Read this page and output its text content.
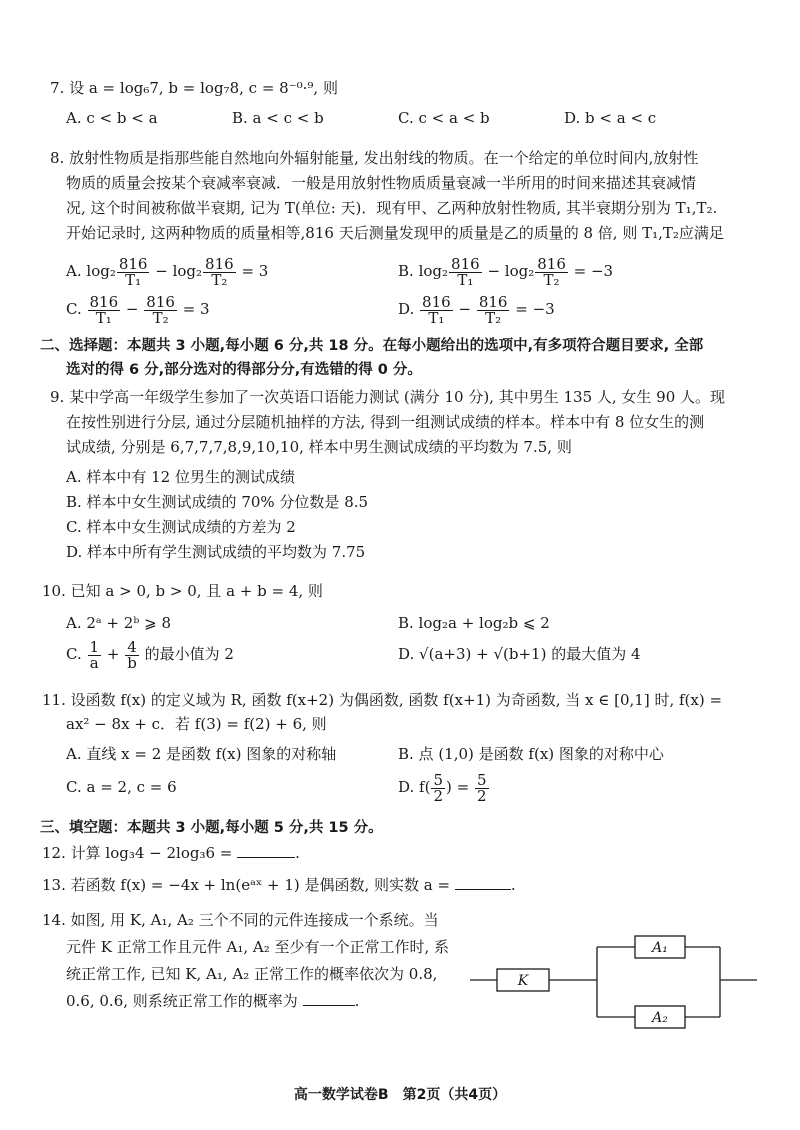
7. 设 a = log₆7, b = log₇8, c = 8⁻⁰·⁹, 则
A. c < b < a	B. a < c < b	C. c < a < b	D. b < a < c
8. 放射性物质是指那些能自然地向外辐射能量, 发出射线的物质。在一个给定的单位时间内,放射性
物质的质量会按某个衰减率衰减．一般是用放射性物质质量衰减一半所用的时间来描述其衰减情
况, 这个时间被称做半衰期, 记为 T(单位: 天)．现有甲、乙两种放射性物质, 其半衰期分别为 T₁,T₂.
开始记录时, 这两种物质的质量相等,816 天后测量发现甲的质量是乙的质量的 8 倍, 则 T₁,T₂应满足
A. $\log_2 \frac{816}{\text{T₁}} - \log_2 \frac{816}{\text{T₂}} = 3$	B. $\log_2 \frac{816}{\text{T₁}} - \log_2 \frac{816}{\text{T₂}} = -3$
C. $\frac{816}{\text{T₁}} - \frac{816}{\text{T₂}} = 3$	D. $\frac{816}{\text{T₁}} - \frac{816}{\text{T₂}} = -3$
二、选择题：本题共 3 小题,每小题 6 分,共 18 分。在每小题给出的选项中,有多项符合题目要求, 全部
选对的得 6 分,部分选对的得部分分,有选错的得 0 分。
9. 某中学高一年级学生参加了一次英语口语能力测试 (满分 10 分), 其中男生 135 人, 女生 90 人。现
在按性别进行分层, 通过分层随机抽样的方法, 得到一组测试成绩的样本。样本中有 8 位女生的测
试成绩, 分别是 6,7,7,7,8,9,10,10, 样本中男生测试成绩的平均数为 7.5, 则
A. 样本中有 12 位男生的测试成绩
B. 样本中女生测试成绩的 70% 分位数是 8.5
C. 样本中女生测试成绩的方差为 2
D. 样本中所有学生测试成绩的平均数为 7.75
10. 已知 a > 0, b > 0, 且 a + b = 4, 则
A. 2ᵃ + 2ᵇ ⩾ 8	B. log₂a + log₂b ⩽ 2
C. $\frac{1}{a} + \frac{4}{b}$ 的最小值为 2	D. √(a+3) + √(b+1) 的最大值为 4
11. 设函数 f(x) 的定义域为 R, 函数 f(x+2) 为偶函数, 函数 f(x+1) 为奇函数, 当 x ∈ [0,1] 时, f(x) =
ax² − 8x + c．若 f(3) = f(2) + 6, 则
A. 直线 x = 2 是函数 f(x) 图象的对称轴	B. 点 (1,0) 是函数 f(x) 图象的对称中心
C. a = 2, c = 6	D. $f( \frac{5}{2}$ ) = $\frac{5}{2}$
三、填空题：本题共 3 小题,每小题 5 分,共 15 分。
12. 计算 log₃4 − 2log₃6 =	.
13. 若函数 f(x) = −4x + ln(eᵃˣ + 1) 是偶函数, 则实数 a =	.
14. 如图, 用 K, A₁, A₂ 三个不同的元件连接成一个系统。当
元件 K 正常工作且元件 A₁, A₂ 至少有一个正常工作时, 系
统正常工作, 已知 K, A₁, A₂ 正常工作的概率依次为 0.8,
0.6, 0.6, 则系统正常工作的概率为	.
K
A₁
A₂
高一数学试卷B　第2页（共4页）
